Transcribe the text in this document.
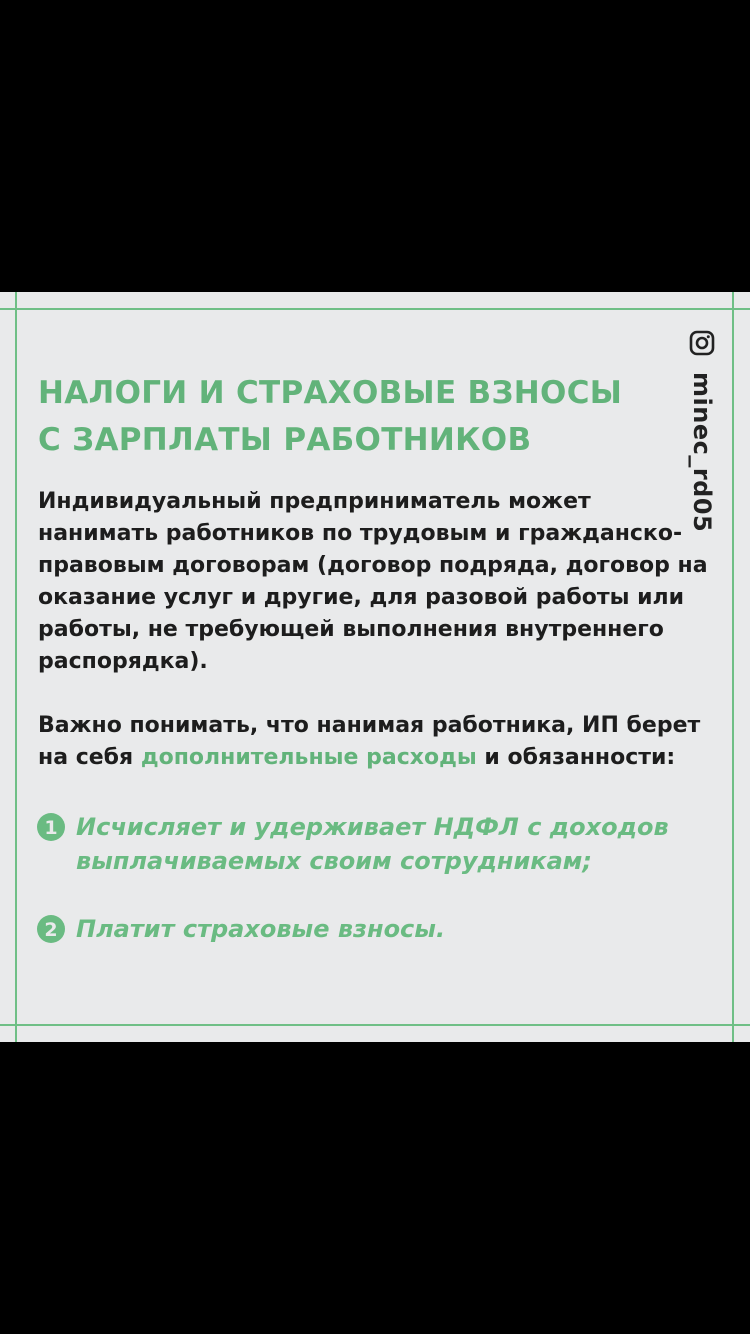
minec_rd05
НАЛОГИ И СТРАХОВЫЕ ВЗНОСЫ
С ЗАРПЛАТЫ РАБОТНИКОВ

Индивидуальный предприниматель может
нанимать работников по трудовым и гражданско-
правовым договорам (договор подряда, договор на
оказание услуг и другие, для разовой работы или
работы, не требующей выполнения внутреннего
распорядка).

Важно понимать, что нанимая работника, ИП берет
на себя дополнительные расходы и обязанности:

1 Исчисляет и удерживает НДФЛ с доходов
выплачиваемых своим сотрудникам;
2 Платит страховые взносы.
